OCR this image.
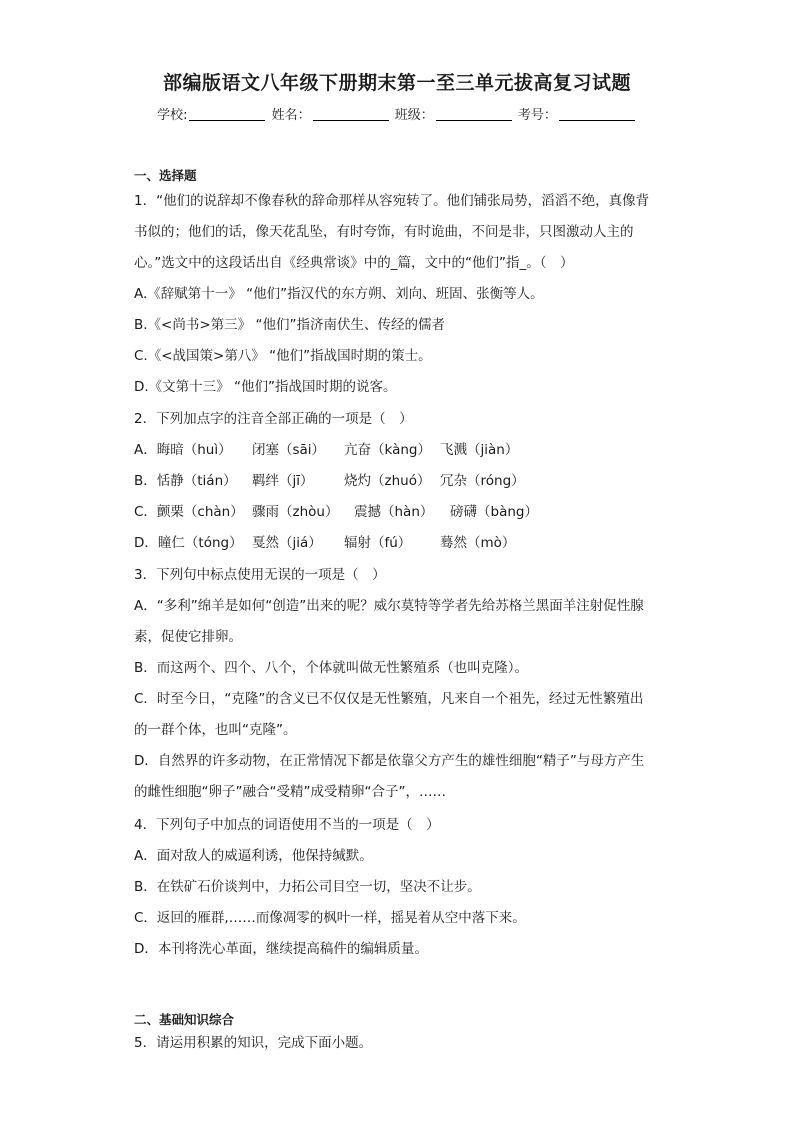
部编版语文八年级下册期末第一至三单元拔高复习试题
学校:	姓名：	班级：	考号：
一、选择题
1．“他们的说辞却不像春秋的辞命那样从容宛转了。他们铺张局势，滔滔不绝，真像背
书似的；他们的话，像天花乱坠，有时夸饰，有时诡曲，不问是非，只图激动人主的
心。”选文中的这段话出自《经典常谈》中的_篇，文中的“他们”指_。（　）
A.《辞赋第十一》 “他们”指汉代的东方朔、刘向、班固、张衡等人。
B.《<尚书>第三》 “他们”指济南伏生、传经的儒者
C.《<战国策>第八》 “他们”指战国时期的策士。
D.《文第十三》 “他们”指战国时期的说客。
2．下列加点字的注音全部正确的一项是（　）
A．晦暗（huì） 闭塞（sāi） 亢奋（kàng） 飞溅（jiàn）
B．恬静（tián） 羁绊（jī） 烧灼（zhuó） 冗杂（róng）
C．颤栗（chàn） 骤雨（zhòu） 震撼（hàn） 磅礴（bàng）
D．瞳仁（tóng） 戛然（jiá） 辐射（fú） 蓦然（mò）
3．下列句中标点使用无误的一项是（　）
A．“多利”绵羊是如何“创造”出来的呢？威尔莫特等学者先给苏格兰黑面羊注射促性腺
素，促使它排卵。
B．而这两个、四个、八个，个体就叫做无性繁殖系（也叫克隆）。
C．时至今日，“克隆”的含义已不仅仅是无性繁殖，凡来自一个祖先，经过无性繁殖出
的一群个体，也叫“克隆”。
D．自然界的许多动物，在正常情况下都是依靠父方产生的雄性细胞“精子”与母方产生
的雌性细胞“卵子”融合“受精”成受精卵“合子”，……
4．下列句子中加点的词语使用不当的一项是（　）
A．面对敌人的威逼利诱，他保持缄默。
B．在铁矿石价谈判中，力拓公司目空一切，坚决不让步。
C．返回的雁群,……而像凋零的枫叶一样，摇晃着从空中落下来。
D．本刊将洗心革面，继续提高稿件的编辑质量。
二、基础知识综合
5．请运用积累的知识，完成下面小题。
